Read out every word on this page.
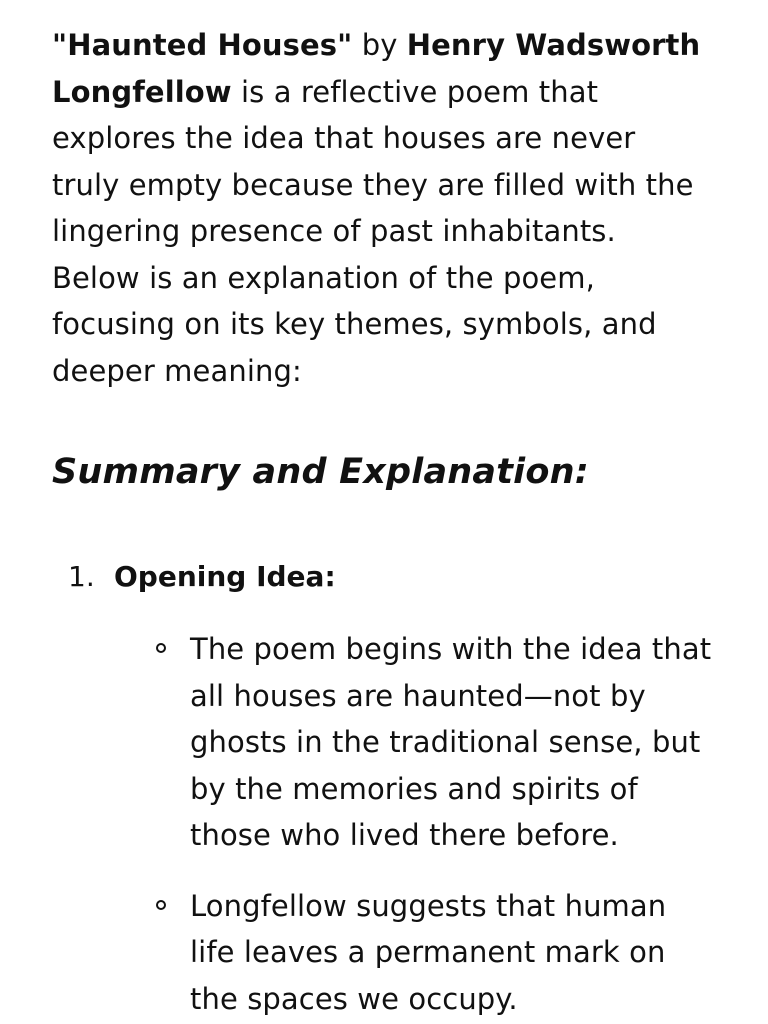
"Haunted Houses" by Henry Wadsworth Longfellow is a reflective poem that explores the idea that houses are never truly empty because they are filled with the lingering presence of past inhabitants. Below is an explanation of the poem, focusing on its key themes, symbols, and deeper meaning:

Summary and Explanation:
1. Opening Idea:
The poem begins with the idea that all houses are haunted—not by ghosts in the traditional sense, but by the memories and spirits of those who lived there before.
Longfellow suggests that human life leaves a permanent mark on the spaces we occupy.
